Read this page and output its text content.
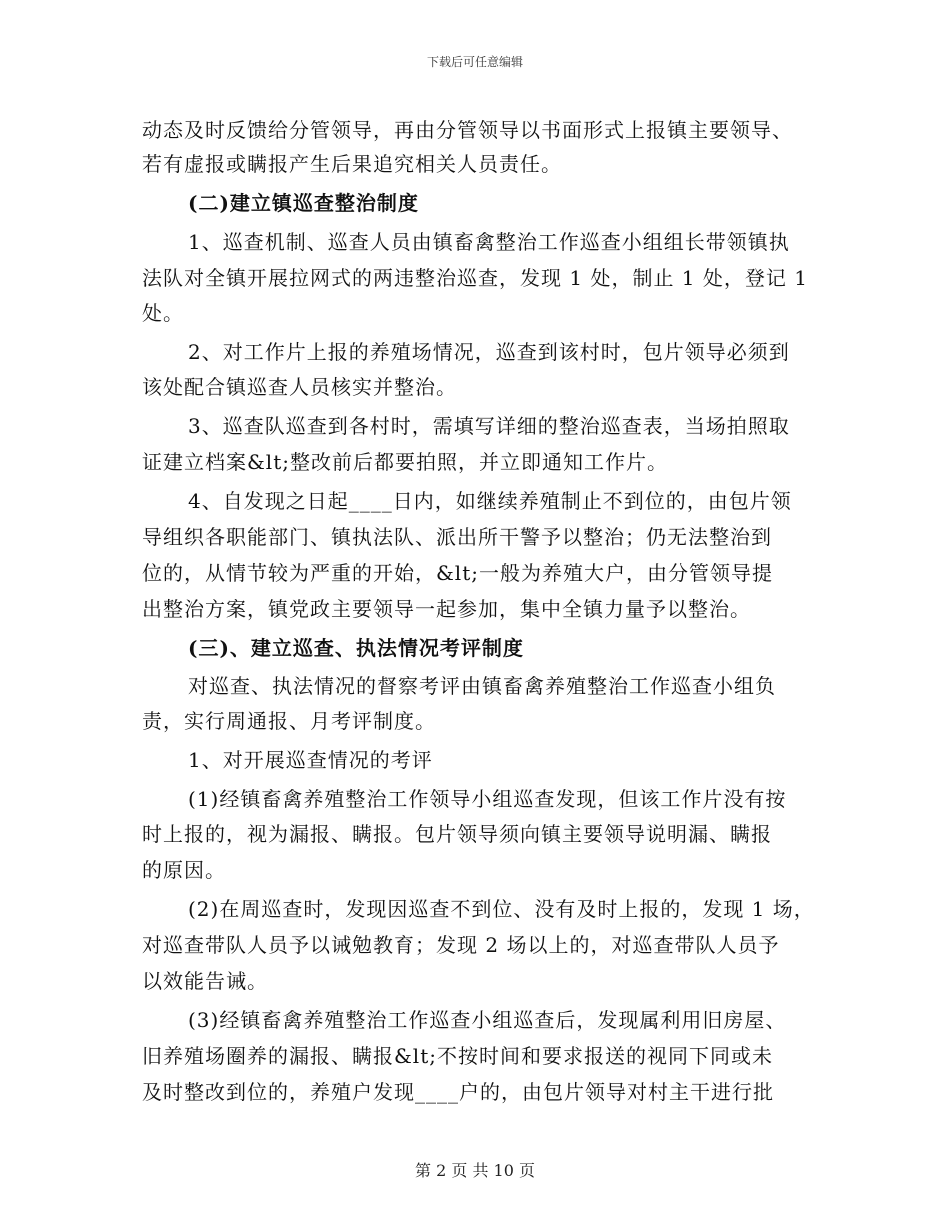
下载后可任意编辑
动态及时反馈给分管领导，再由分管领导以书面形式上报镇主要领导、
若有虚报或瞒报产生后果追究相关人员责任。
(二)建立镇巡查整治制度
1、巡查机制、巡查人员由镇畜禽整治工作巡查小组组长带领镇执
法队对全镇开展拉网式的两违整治巡查，发现 1 处，制止 1 处，登记 1
处。
2、对工作片上报的养殖场情况，巡查到该村时，包片领导必须到
该处配合镇巡查人员核实并整治。
3、巡查队巡查到各村时，需填写详细的整治巡查表，当场拍照取
证建立档案&lt;整改前后都要拍照，并立即通知工作片。
4、自发现之日起____日内，如继续养殖制止不到位的，由包片领
导组织各职能部门、镇执法队、派出所干警予以整治；仍无法整治到
位的，从情节较为严重的开始，&lt;一般为养殖大户，由分管领导提
出整治方案，镇党政主要领导一起参加，集中全镇力量予以整治。
(三)、建立巡查、执法情况考评制度
对巡查、执法情况的督察考评由镇畜禽养殖整治工作巡查小组负
责，实行周通报、月考评制度。
1、对开展巡查情况的考评
(1)经镇畜禽养殖整治工作领导小组巡查发现，但该工作片没有按
时上报的，视为漏报、瞒报。包片领导须向镇主要领导说明漏、瞒报
的原因。
(2)在周巡查时，发现因巡查不到位、没有及时上报的，发现 1 场，
对巡查带队人员予以诫勉教育；发现 2 场以上的，对巡查带队人员予
以效能告诫。
(3)经镇畜禽养殖整治工作巡查小组巡查后，发现属利用旧房屋、
旧养殖场圈养的漏报、瞒报&lt;不按时间和要求报送的视同下同或未
及时整改到位的，养殖户发现____户的，由包片领导对村主干进行批
第 2 页 共 10 页
